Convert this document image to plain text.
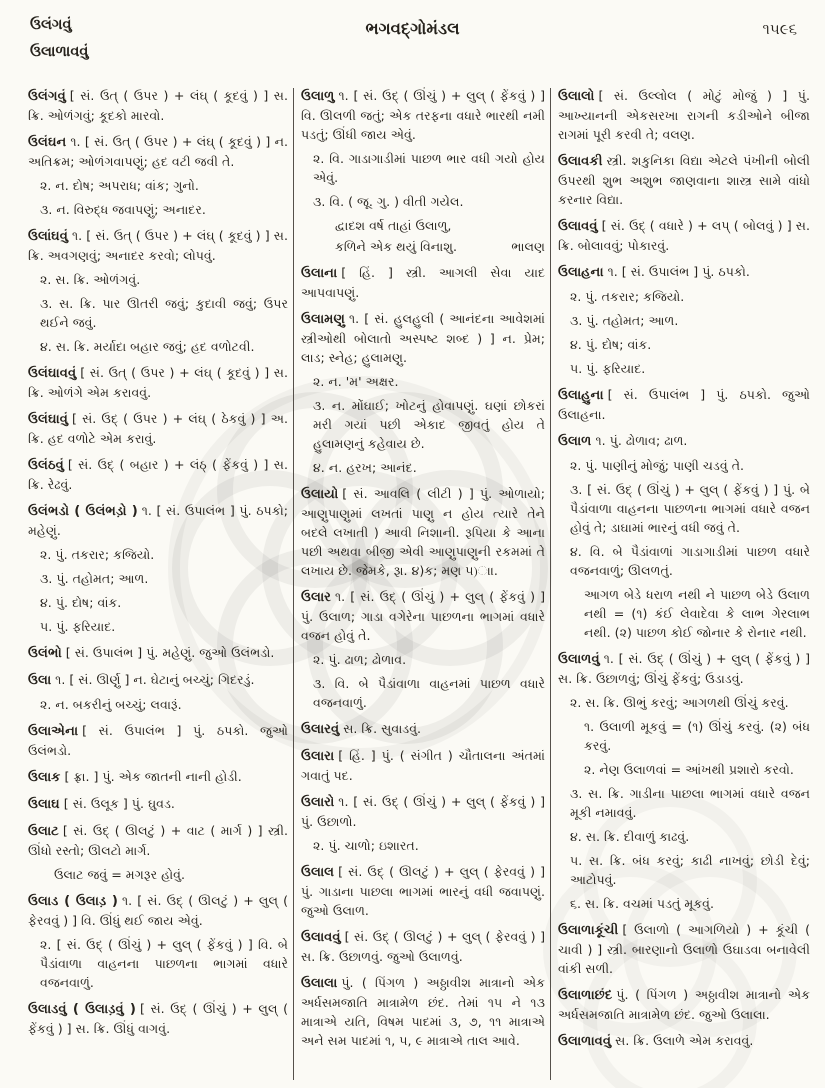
ઉલંગવું
ઉલાળાવવું
ભગવદ્ગોમંડલ	૧૫૯૬

ઉલંગવું [ સં. ઉત્ ( ઉપર ) + લંઘ્ ( કૂદવું ) ] સ. ક્રિ. ઓળંગવું; કૂદકો મારવો.

ઉલંઘન ૧. [ સં. ઉત્ ( ઉપર ) + લંઘ્ ( કૂદવું ) ] ન. અતિક્રમ; ઓળંગવાપણું; હદ વટી જવી તે.

૨. ન. દોષ; અપરાધ; વાંક; ગુનો.

૩. ન. વિરુદ્ધ જવાપણું; અનાદર.

ઉલાંઘવું ૧. [ સં. ઉત્ ( ઉપર ) + લંઘ્ ( કૂદવું ) ] સ. ક્રિ. અવગણવું; અનાદર કરવો; લોપવું.

૨. સ. ક્રિ. ઓળંગવું.

૩. સ. ક્રિ. પાર ઊતરી જવું; કુદાવી જવું; ઉપર થઈને જવું.

૪. સ. ક્રિ. મર્યાદા બહાર જવું; હદ વળોટવી.

ઉલંઘાવવું [ સં. ઉત્ ( ઉપર ) + લંઘ્ ( કૂદવું ) ] સ. ક્રિ. ઓળંગે એમ કરાવવું.

ઉલંઘાવું [ સં. ઉદ્ ( ઉપર ) + લંઘ્ ( ઠેકવું ) ] અ. ક્રિ. હદ વળોટે એમ કરાવું.

ઉલંઠવું [ સં. ઉદ્ ( બહાર ) + લંઠ્ ( ફેંકવું ) ] સ. ક્રિ. રેઢવું.

ઉલંભડો ( ઉલંભડ઼ો ) ૧. [ સં. ઉપાલંભ ] પું. ઠપકો; મહેણું.

૨. પું. તકરાર; કજિયો.

૩. પું. તહોમત; આળ.

૪. પું. દોષ; વાંક.

૫. પું. ફરિયાદ.

ઉલંભો [ સં. ઉપાલંભ ] પું. મહેણું. જુઓ ઉલંભડો.

ઉલા ૧. [ સં. ઊર્ણુ ] ન. ઘેટાનું બચ્ચું; ગિદરડું.

૨. ન. બકરીનું બચ્ચું; લવારૂં.

ઉલાએના [ સં. ઉપાલંભ ] પું. ઠપકો. જુઓ ઉલંભડો.

ઉલાક [ ફ્રા. ] પું. એક જાતની નાની હોડી.

ઉલાઘ [ સં. ઉલૂક ] પું. ઘુવડ.

ઉલાટ [ સં. ઉદ્ ( ઊલટું ) + વાટ ( માર્ગ ) ] સ્ત્રી. ઊંધો રસ્તો; ઊલટો માર્ગ.

ઉલાટ જવું = મગરૂર હોવું.

ઉલાડ ( ઉલાડ઼ ) ૧. [ સં. ઉદ્ ( ઊલટું ) + લુલ્ ( ફેરવવું ) ] વિ. ઊંધું થઈ જાય એવું.

૨. [ સં. ઉદ્ ( ઊંચું ) + લુલ્ ( ફેંકવું ) ] વિ. બે પૈડાંવાળા વાહનના પાછળના ભાગમાં વધારે વજનવાળું.

ઉલાડવું ( ઉલાડ઼વું ) [ સં. ઉદ્ ( ઊંચું ) + લુલ્ ( ફેંકવું ) ] સ. ક્રિ. ઊંધું વાગવું.

ઉલાળુ ૧. [ સં. ઉદ્ ( ઊંચું ) + લુલ્ ( ફેંકવું ) ] વિ. ઊલળી જતું; એક તરફના વધારે ભારથી નમી પડતું; ઊંધી જાય એવું.

૨. વિ. ગાડાગાડીમાં પાછળ ભાર વધી ગયો હોય એવું.

૩. વિ. ( જૂ. ગુ. ) વીતી ગયેલ.

દ્વાદશ વર્ષ તાહાં ઉલાળુ,

કળિને એક થયું વિનાશુ.	ભાલણ

ઉલાના [ હિં. ] સ્ત્રી. આગલી સેવા યાદ આપવાપણું.

ઉલામણુ ૧. [ સં. હુલહુલી ( આનંદના આવેશમાં સ્ત્રીઓથી બોલાતો અસ્પષ્ટ શબ્દ ) ] ન. પ્રેમ; લાડ; સ્નેહ; હુલામણુ.

૨. ન. 'મ' અક્ષર.

૩. ન. મોંઘાઈ; ખોટનું હોવાપણું. ઘણાં છોકરાં મરી ગયાં પછી એકાદ જીવતું હોય તે હુલામણનું કહેવાય છે.

૪. ન. હરખ; આનંદ.

ઉલાયો [ સં. આવલિ ( લીટી ) ] પું. ઓળાયો; આણુપાણુમાં લખતાં પાણુ ન હોય ત્યારે તેને બદલે લખાતી ) આવી નિશાની. રૂપિયા કે આના પછી અથવા બીજી એવી આણુપાણુની રકમમાં તે લખાય છે. જેમકે, રૂા. ૪)ક; મણ ૫)ાા.

ઉલાર ૧. [ સં. ઉદ્ ( ઊંચું ) + લુલ્ ( ફેંકવું ) ] પું. ઉલાળ; ગાડા વગેરેના પાછળના ભાગમાં વધારે વજન હોવું તે.

૨. પું. ઢાળ; ઢોળાવ.

૩. વિ. બે પૈડાંવાળા વાહનમાં પાછળ વધારે વજનવાળું.

ઉલારવું સ. ક્રિ. સુવાડવું.

ઉલારા [ હિં. ] પું. ( સંગીત ) ચૌતાલના અંતમાં ગવાતું પદ.

ઉલારો ૧. [ સં. ઉદ્ ( ઊંચું ) + લુલ્ ( ફેંકવું ) ] પું. ઉછાળો.

૨. પું. ચાળો; ઇશારત.

ઉલાલ [ સં. ઉદ્ ( ઊલટું ) + લુલ્ ( ફેરવવું ) ] પું. ગાડાના પાછલા ભાગમાં ભારનું વધી જવાપણું. જુઓ ઉલાળ.

ઉલાવવું [ સં. ઉદ્ ( ઊલટું ) + લુલ્ ( ફેરવવું ) ] સ. ક્રિ. ઉછાળવું. જુઓ ઉલાળવું.

ઉલાલા પું. ( પિંગળ ) અઠ્ઠાવીશ માત્રાનો એક અર્ધસમજાતિ માત્રામેળ છંદ. તેમાં ૧૫ ને ૧૩ માત્રાએ યતિ, વિષમ પાદમાં ૩, ૭, ૧૧ માત્રાએ અને સમ પાદમાં ૧, ૫, ૯ માત્રાએ તાલ આવે.

ઉલાલો [ સં. ઉલ્લોલ ( મોટું મોજું ) ] પું. આખ્યાનની એકસરખા રાગની કડીઓને બીજા રાગમાં પૂરી કરવી તે; વલણ.

ઉલાવકી સ્ત્રી. શકુનિકા વિદ્યા એટલે પંખીની બોલી ઉપરથી શુભ અશુભ જાણવાના શાસ્ત્ર સામે વાંધો કરનાર વિદ્યા.

ઉલાવવું [ સં. ઉદ્ ( વધારે ) + લપ્ ( બોલવું ) ] સ. ક્રિ. બોલાવવું; પોકારવું.

ઉલાહના ૧. [ સં. ઉપાલંભ ] પું. ઠપકો.

૨. પું. તકરાર; કજિયો.

૩. પું. તહોમત; આળ.

૪. પું. દોષ; વાંક.

૫. પું. ફરિયાદ.

ઉલાહુના [ સં. ઉપાલંભ ] પું. ઠપકો. જુઓ ઉલાહના.

ઉલાળ ૧. પું. ઢોળાવ; ઢાળ.

૨. પું. પાણીનું મોજું; પાણી ચડવું તે.

૩. [ સં. ઉદ્ ( ઊંચું ) + લુલ્ ( ફેંકવું ) ] પું. બે પૈડાંવાળા વાહનના પાછળના ભાગમાં વધારે વજન હોવું તે; ડાઘામાં ભારનું વધી જવું તે.

૪. વિ. બે પૈડાંવાળાં ગાડાગાડીમાં પાછળ વધારે વજનવાળું; ઊલળતું.

આગળ બેડે ધરાળ નથી ને પાછળ બેડે ઉલાળ નથી = (૧) કંઈ લેવાદેવા કે લાભ ગેરલાભ નથી. (૨) પાછળ કોઈ જોનાર કે રોનાર નથી.

ઉલાળવું ૧. [ સં. ઉદ્ ( ઊંચું ) + લુલ્ ( ફેંકવું ) ] સ. ક્રિ. ઉછાળવું; ઊંચું ફેંકવું; ઉડાડવું.

૨. સ. ક્રિ. ઊભું કરવું; આગળથી ઊંચું કરવું.

૧. ઉલાળી મૂકવું = (૧) ઊંચું કરવું. (૨) બંધ કરવું.

૨. નેણ ઉલાળવાં = આંખથી પ્રશારો કરવો.

૩. સ. ક્રિ. ગાડીના પાછલા ભાગમાં વધારે વજન મૂકી નમાવવું.

૪. સ. ક્રિ. દીવાળું કાઢવું.

૫. સ. ક્રિ. બંધ કરવું; કાઢી નાખવું; છોડી દેવું; આટોપવું.

૬. સ. ક્રિ. વચમાં પડતું મૂકવું.

ઉલાળાકૂંચી [ ઉલાળો ( આગળિયો ) + કૂંચી ( ચાવી ) ] સ્ત્રી. બારણાનો ઉલાળો ઉઘાડવા બનાવેલી વાંકી સળી.

ઉલાળાછંદ પું. ( પિંગળ ) અઠ્ઠાવીશ માત્રાનો એક અર્ધસમજાતિ માત્રામેળ છંદ. જુઓ ઉલાલા.

ઉલાળાવવું સ. ક્રિ. ઉલાળે એમ કરાવવું.
